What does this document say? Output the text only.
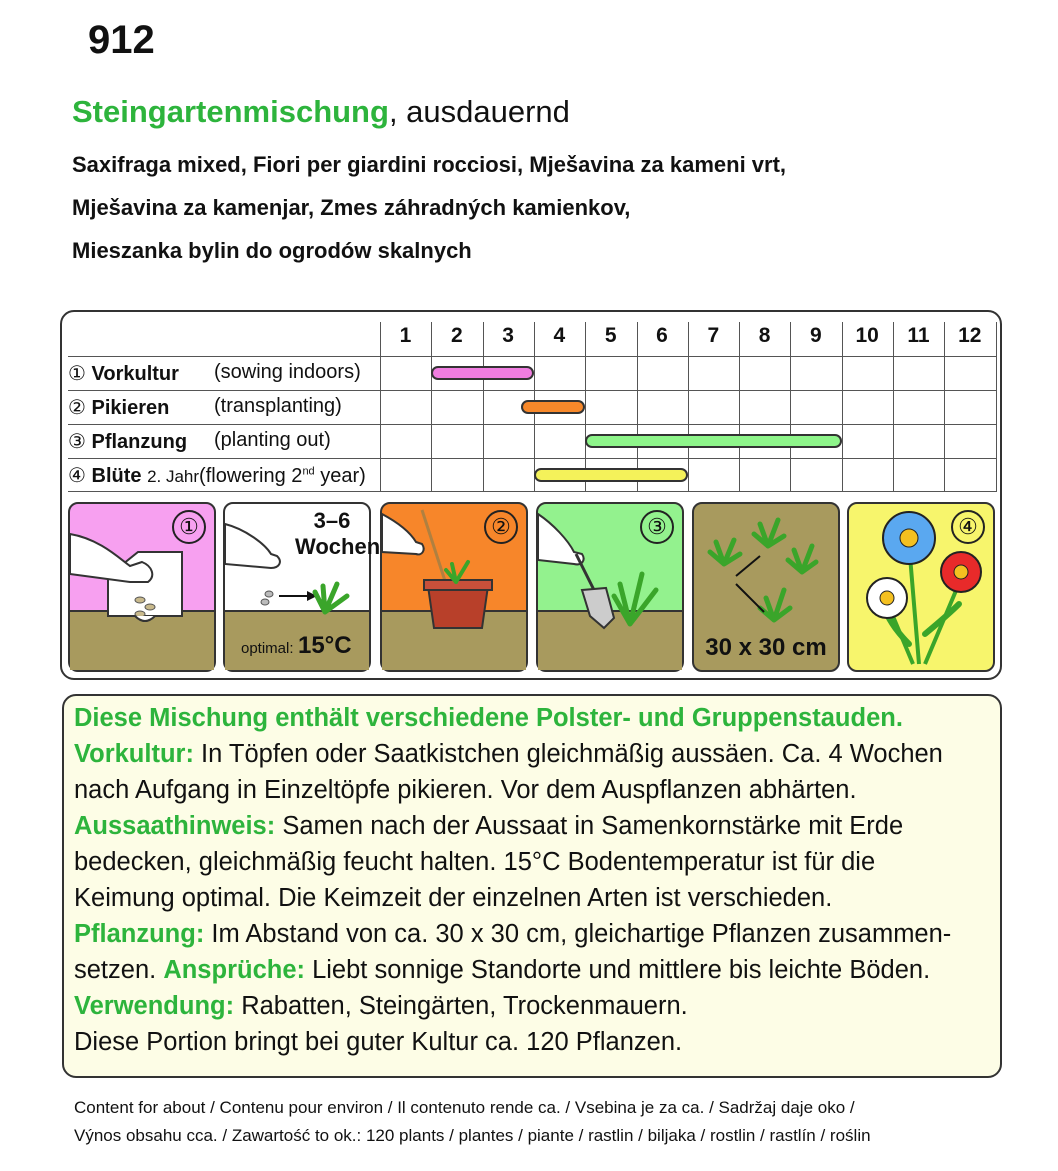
912
Steingartenmischung, ausdauernd
Saxifraga mixed, Fiori per giardini rocciosi, Mješavina za kameni vrt,
Mješavina za kamenjar, Zmes záhradných kamienkov,
Mieszanka bylin do ogrodów skalnych
1	2	3	4	5	6	7	8	9	10	11	12
① Vorkultur (sowing indoors)
② Pikieren (transplanting)
③ Pflanzung (planting out)
④ Blüte 2. Jahr(flowering 2nd year)
①	3–6
Wochen
optimal: 15°C
②	③
30 x 30 cm
④
Diese Mischung enthält verschiedene Polster- und Gruppenstauden.
Vorkultur: In Töpfen oder Saatkistchen gleichmäßig aussäen. Ca. 4 Wochen
nach Aufgang in Einzeltöpfe pikieren. Vor dem Auspflanzen abhärten.
Aussaathinweis: Samen nach der Aussaat in Samenkornstärke mit Erde
bedecken, gleichmäßig feucht halten. 15°C Bodentemperatur ist für die
Keimung optimal. Die Keimzeit der einzelnen Arten ist verschieden.
Pflanzung: Im Abstand von ca. 30 x 30 cm, gleichartige Pflanzen zusammen-
setzen. Ansprüche: Liebt sonnige Standorte und mittlere bis leichte Böden.
Verwendung: Rabatten, Steingärten, Trockenmauern.
Diese Portion bringt bei guter Kultur ca. 120 Pflanzen.
Content for about / Contenu pour environ / Il contenuto rende ca. / Vsebina je za ca. / Sadržaj daje oko /
Výnos obsahu cca. / Zawartość to ok.: 120 plants / plantes / piante / rastlin / biljaka / rostlin / rastlín / roślin
